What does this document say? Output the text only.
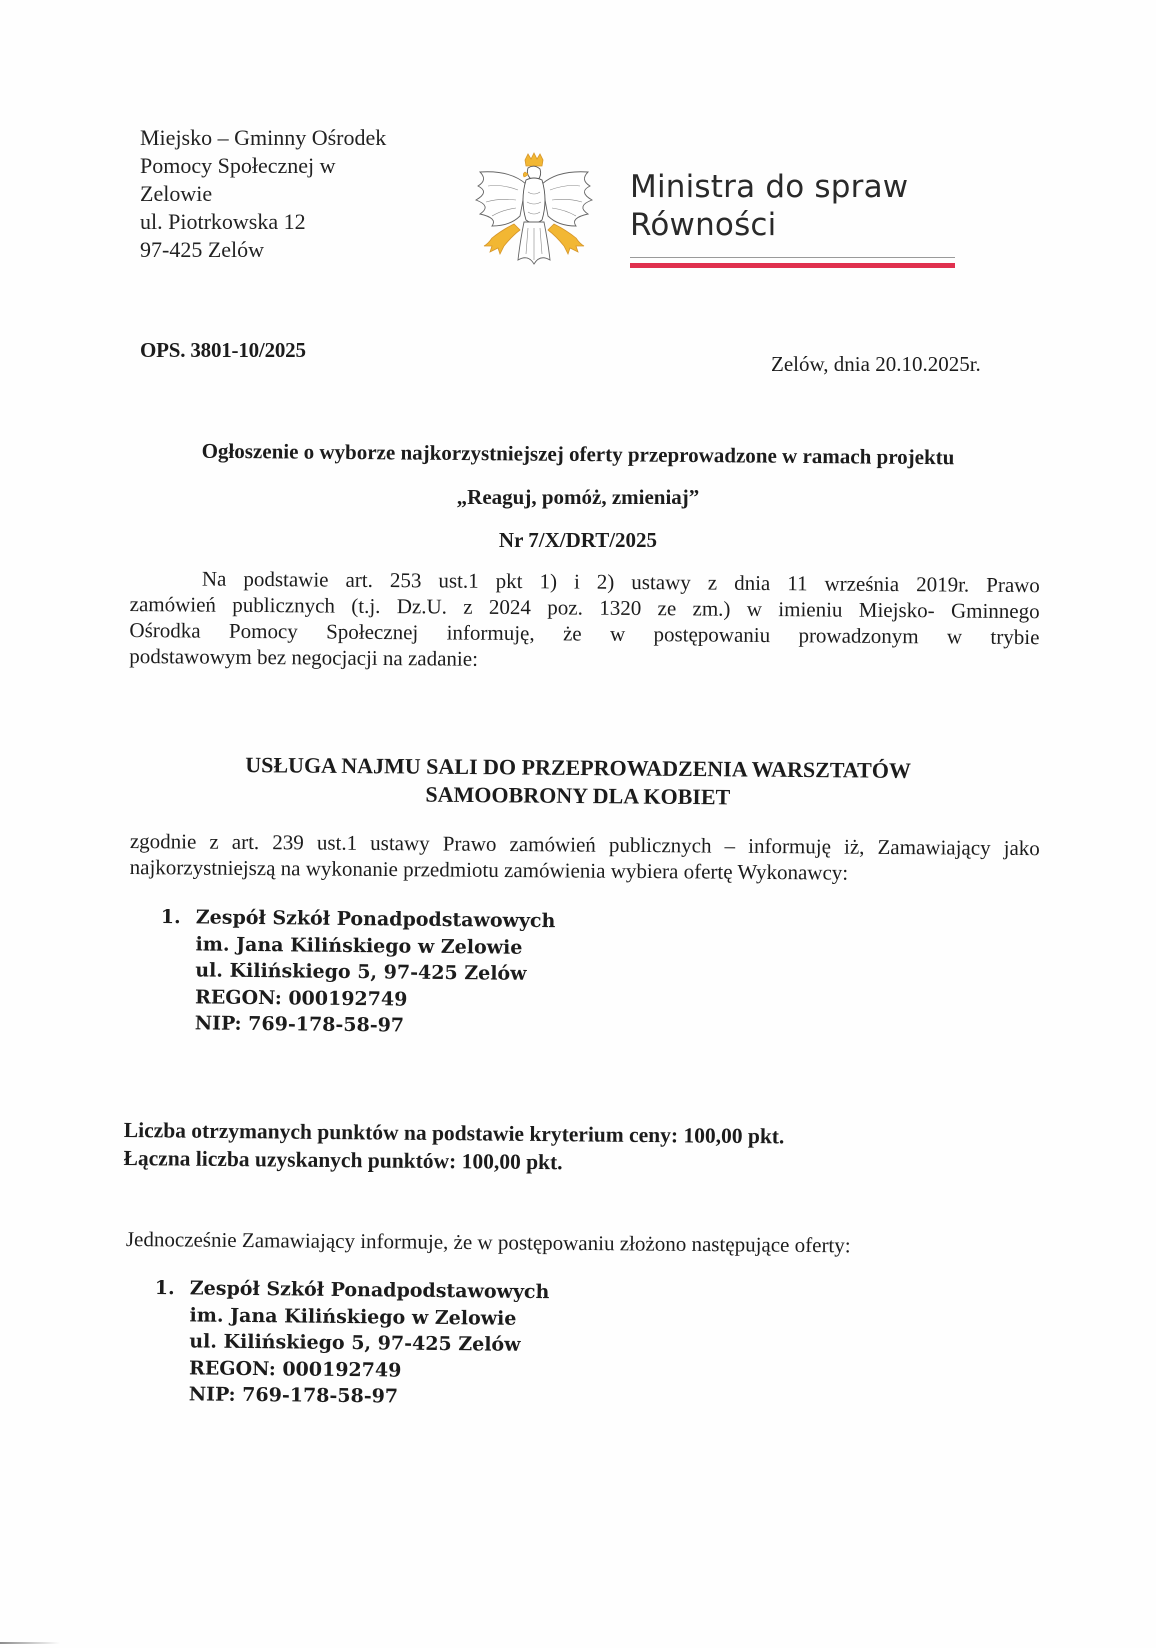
Miejsko – Gminny Ośrodek
Pomocy Społecznej w
Zelowie
ul. Piotrkowska 12
97-425 Zelów
Ministra do spraw
Równości
OPS. 3801-10/2025
Zelów, dnia 20.10.2025r.
Ogłoszenie o wyborze najkorzystniejszej oferty przeprowadzone w ramach projektu
„Reaguj, pomóż, zmieniaj”
Nr 7/X/DRT/2025
Na podstawie art. 253 ust.1 pkt 1) i 2) ustawy z dnia 11 września 2019r. Prawo
zamówień publicznych (t.j. Dz.U. z 2024 poz. 1320 ze zm.) w imieniu Miejsko- Gminnego
Ośrodka Pomocy Społecznej informuję, że w postępowaniu prowadzonym w trybie
podstawowym bez negocjacji na zadanie:
USŁUGA NAJMU SALI DO PRZEPROWADZENIA WARSZTATÓW
SAMOOBRONY DLA KOBIET
zgodnie z art. 239 ust.1 ustawy Prawo zamówień publicznych – informuję iż, Zamawiający jako
najkorzystniejszą na wykonanie przedmiotu zamówienia wybiera ofertę Wykonawcy:
1. Zespół Szkół Ponadpodstawowych
im. Jana Kilińskiego w Zelowie
ul. Kilińskiego 5, 97-425 Zelów
REGON: 000192749
NIP: 769-178-58-97
Liczba otrzymanych punktów na podstawie kryterium ceny: 100,00 pkt.
Łączna liczba uzyskanych punktów: 100,00 pkt.
Jednocześnie Zamawiający informuje, że w postępowaniu złożono następujące oferty:
1. Zespół Szkół Ponadpodstawowych
im. Jana Kilińskiego w Zelowie
ul. Kilińskiego 5, 97-425 Zelów
REGON: 000192749
NIP: 769-178-58-97
